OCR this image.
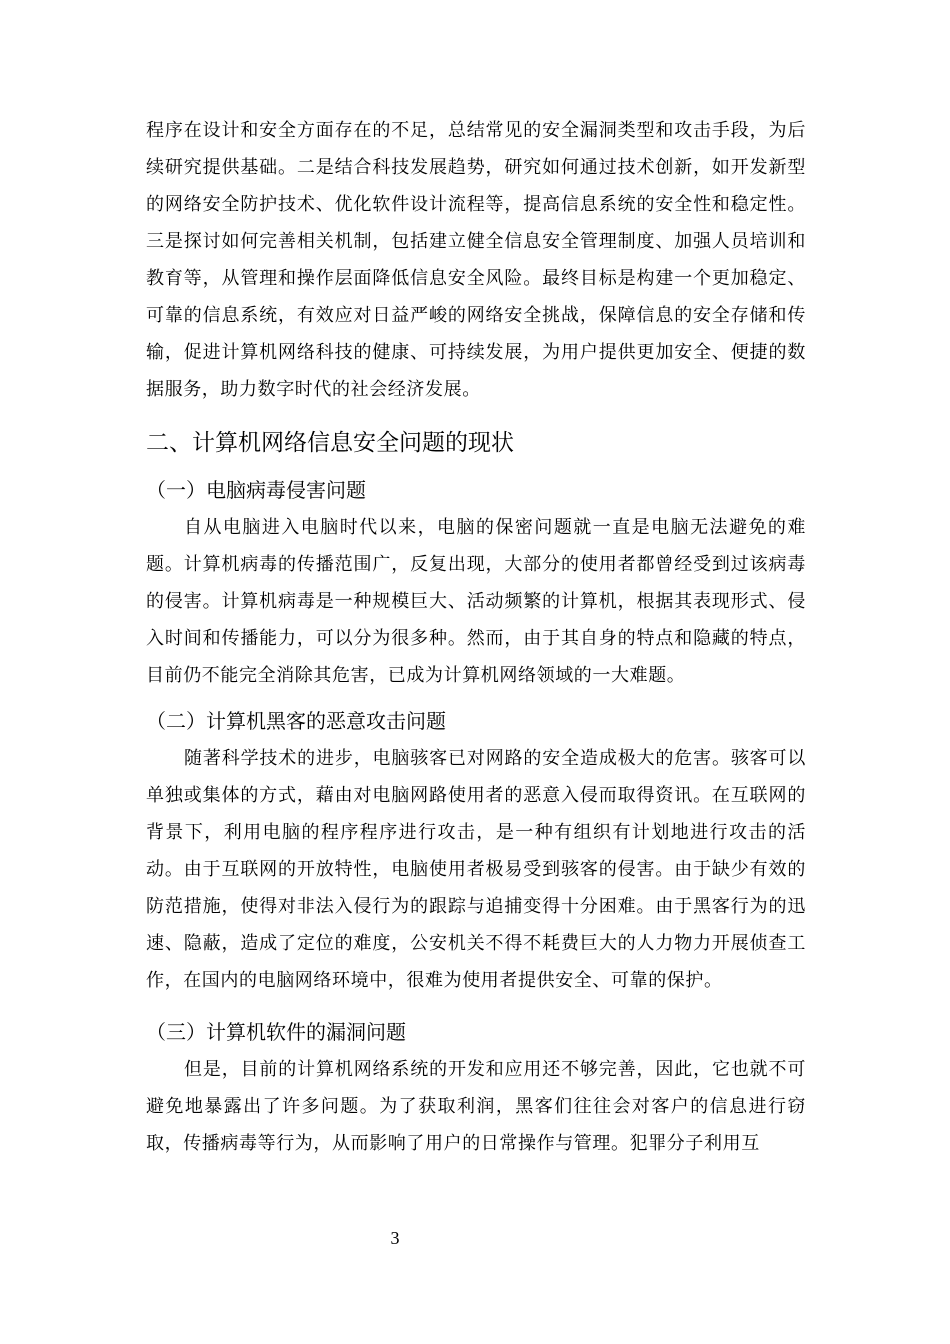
程序在设计和安全方面存在的不足，总结常见的安全漏洞类型和攻击手段，为后续研究提供基础。二是结合科技发展趋势，研究如何通过技术创新，如开发新型的网络安全防护技术、优化软件设计流程等，提高信息系统的安全性和稳定性。三是探讨如何完善相关机制，包括建立健全信息安全管理制度、加强人员培训和教育等，从管理和操作层面降低信息安全风险。最终目标是构建一个更加稳定、可靠的信息系统，有效应对日益严峻的网络安全挑战，保障信息的安全存储和传输，促进计算机网络科技的健康、可持续发展，为用户提供更加安全、便捷的数据服务，助力数字时代的社会经济发展。

二、计算机网络信息安全问题的现状
（一）电脑病毒侵害问题

自从电脑进入电脑时代以来，电脑的保密问题就一直是电脑无法避免的难题。计算机病毒的传播范围广，反复出现，大部分的使用者都曾经受到过该病毒的侵害。计算机病毒是一种规模巨大、活动频繁的计算机，根据其表现形式、侵入时间和传播能力，可以分为很多种。然而，由于其自身的特点和隐藏的特点，目前仍不能完全消除其危害，已成为计算机网络领域的一大难题。

（二）计算机黑客的恶意攻击问题

随著科学技术的进步，电脑骇客已对网路的安全造成极大的危害。骇客可以单独或集体的方式，藉由对电脑网路使用者的恶意入侵而取得资讯。在互联网的背景下，利用电脑的程序程序进行攻击，是一种有组织有计划地进行攻击的活动。由于互联网的开放特性，电脑使用者极易受到骇客的侵害。由于缺少有效的防范措施，使得对非法入侵行为的跟踪与追捕变得十分困难。由于黑客行为的迅速、隐蔽，造成了定位的难度，公安机关不得不耗费巨大的人力物力开展侦查工作，在国内的电脑网络环境中，很难为使用者提供安全、可靠的保护。

（三）计算机软件的漏洞问题

但是，目前的计算机网络系统的开发和应用还不够完善，因此，它也就不可避免地暴露出了许多问题。为了获取利润，黑客们往往会对客户的信息进行窃取，传播病毒等行为，从而影响了用户的日常操作与管理。犯罪分子利用互

3
